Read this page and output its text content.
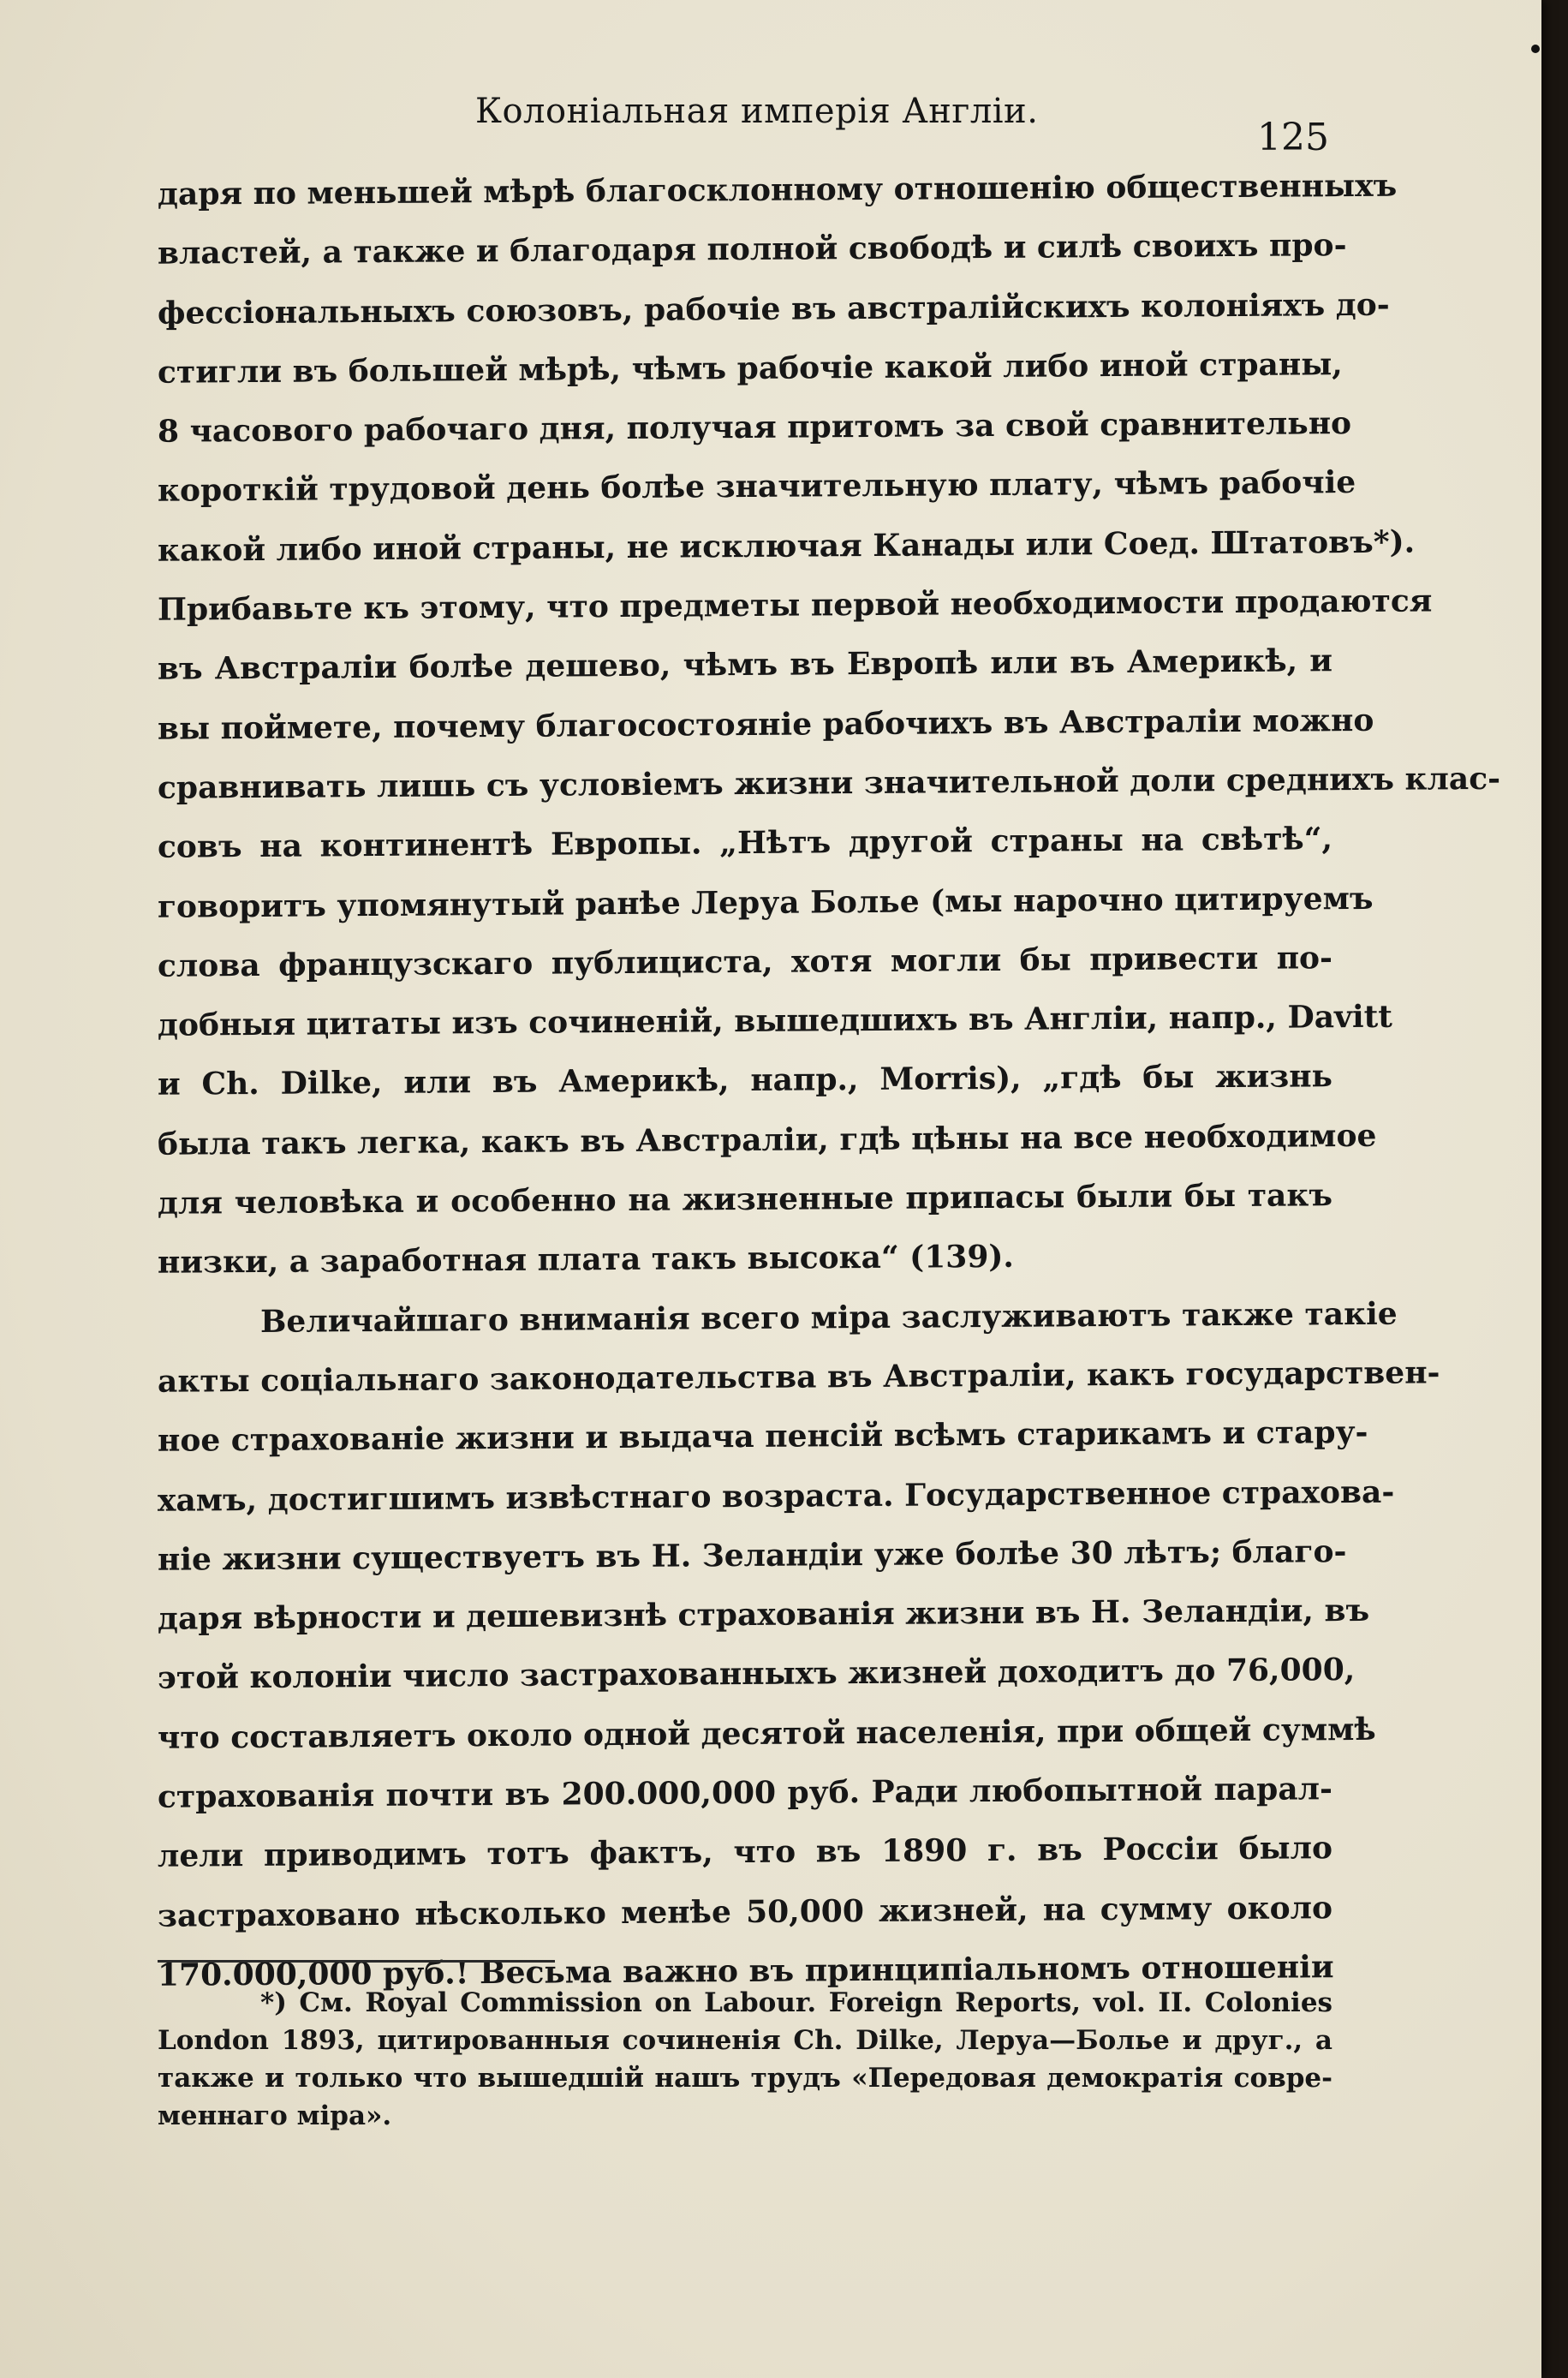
Колоніальная имперія Англіи.
125
даря по меньшей мѣрѣ благосклонному отношенію общественныхъ
властей, а также и благодаря полной свободѣ и силѣ своихъ про-
фессіональныхъ союзовъ, рабочіе въ австралійскихъ колоніяхъ до-
стигли въ большей мѣрѣ, чѣмъ рабочіе какой либо иной страны,
8 часового рабочаго дня, получая притомъ за свой сравнительно
короткій трудовой день болѣе значительную плату, чѣмъ рабочіе
какой либо иной страны, не исключая Канады или Соед. Штатовъ*).
Прибавьте къ этому, что предметы первой необходимости продаются
въ Австраліи болѣе дешево, чѣмъ въ Европѣ или въ Америкѣ, и
вы поймете, почему благосостояніе рабочихъ въ Австраліи можно
сравнивать лишь съ условіемъ жизни значительной доли среднихъ клас-
совъ на континентѣ Европы. „Нѣтъ другой страны на свѣтѣ“,
говоритъ упомянутый ранѣе Леруа Болье (мы нарочно цитируемъ
слова французскаго публициста, хотя могли бы привести по-
добныя цитаты изъ сочиненій, вышедшихъ въ Англіи, напр., Davitt
и Ch. Dilke, или въ Америкѣ, напр., Morris), „гдѣ бы жизнь
была такъ легка, какъ въ Австраліи, гдѣ цѣны на все необходимое
для человѣка и особенно на жизненные припасы были бы такъ
низки, а заработная плата такъ высока“ (139).
Величайшаго вниманія всего міра заслуживаютъ также такіе
акты соціальнаго законодательства въ Австраліи, какъ государствен-
ное страхованіе жизни и выдача пенсій всѣмъ старикамъ и стару-
хамъ, достигшимъ извѣстнаго возраста. Государственное страхова-
ніе жизни существуетъ въ Н. Зеландіи уже болѣе 30 лѣтъ; благо-
даря вѣрности и дешевизнѣ страхованія жизни въ Н. Зеландіи, въ
этой колоніи число застрахованныхъ жизней доходитъ до 76,000,
что составляетъ около одной десятой населенія, при общей суммѣ
страхованія почти въ 200.000,000 руб. Ради любопытной парал-
лели приводимъ тотъ фактъ, что въ 1890 г. въ Россіи было
застраховано нѣсколько менѣе 50,000 жизней, на сумму около
170.000,000 руб.! Весьма важно въ принципіальномъ отношеніи
*) См. Royal Commission on Labour. Foreign Reports, vol. II. Colonies
London 1893, цитированныя сочиненія Ch. Dilke, Леруа—Болье и друг., а
также и только что вышедшій нашъ трудъ «Передовая демократія совре-
меннаго міра».
